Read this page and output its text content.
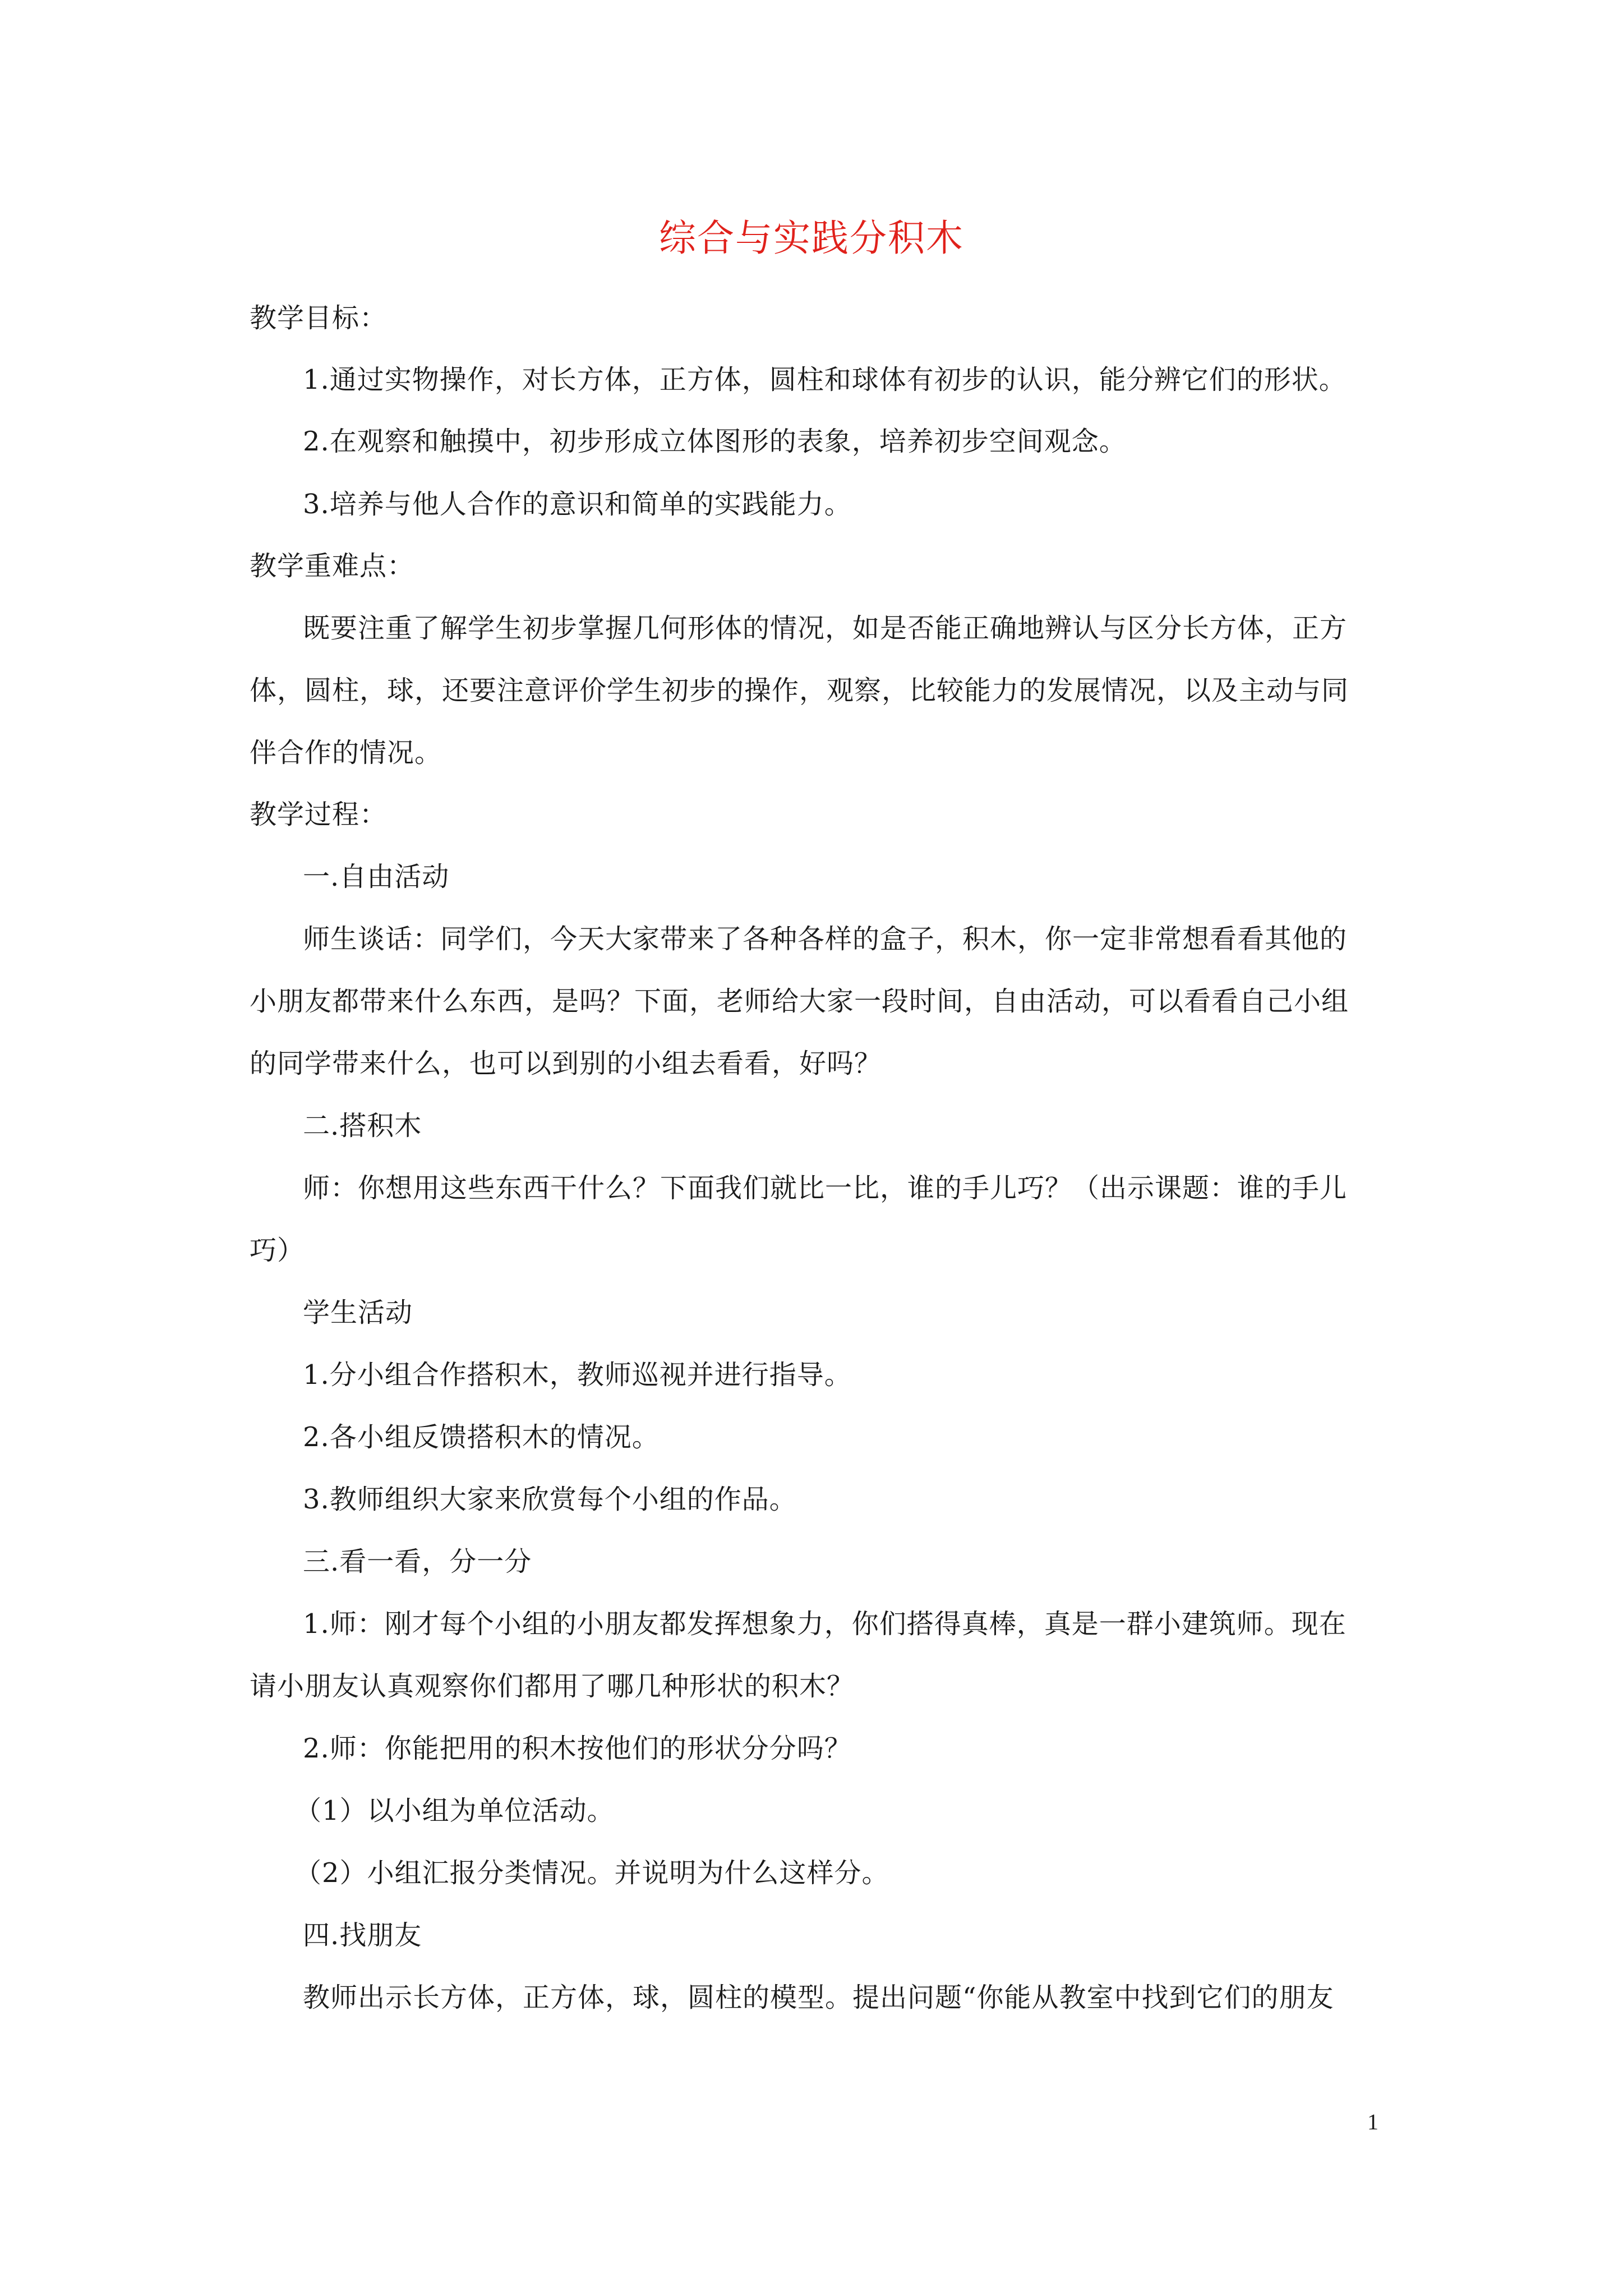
综合与实践分积木
教学目标：
1.通过实物操作，对长方体，正方体，圆柱和球体有初步的认识，能分辨它们的形状。
2.在观察和触摸中，初步形成立体图形的表象，培养初步空间观念。
3.培养与他人合作的意识和简单的实践能力。
教学重难点：
既要注重了解学生初步掌握几何形体的情况，如是否能正确地辨认与区分长方体，正方
体，圆柱，球，还要注意评价学生初步的操作，观察，比较能力的发展情况，以及主动与同
伴合作的情况。
教学过程：
一.自由活动
师生谈话：同学们，今天大家带来了各种各样的盒子，积木，你一定非常想看看其他的
小朋友都带来什么东西，是吗？下面，老师给大家一段时间，自由活动，可以看看自己小组
的同学带来什么，也可以到别的小组去看看，好吗？
二.搭积木
师：你想用这些东西干什么？下面我们就比一比，谁的手儿巧？（出示课题：谁的手儿
巧）
学生活动
1.分小组合作搭积木，教师巡视并进行指导。
2.各小组反馈搭积木的情况。
3.教师组织大家来欣赏每个小组的作品。
三.看一看，分一分
1.师：刚才每个小组的小朋友都发挥想象力，你们搭得真棒，真是一群小建筑师。现在
请小朋友认真观察你们都用了哪几种形状的积木？
2.师：你能把用的积木按他们的形状分分吗？
（1）以小组为单位活动。
（2）小组汇报分类情况。并说明为什么这样分。
四.找朋友
教师出示长方体，正方体，球，圆柱的模型。提出问题“你能从教室中找到它们的朋友
1
